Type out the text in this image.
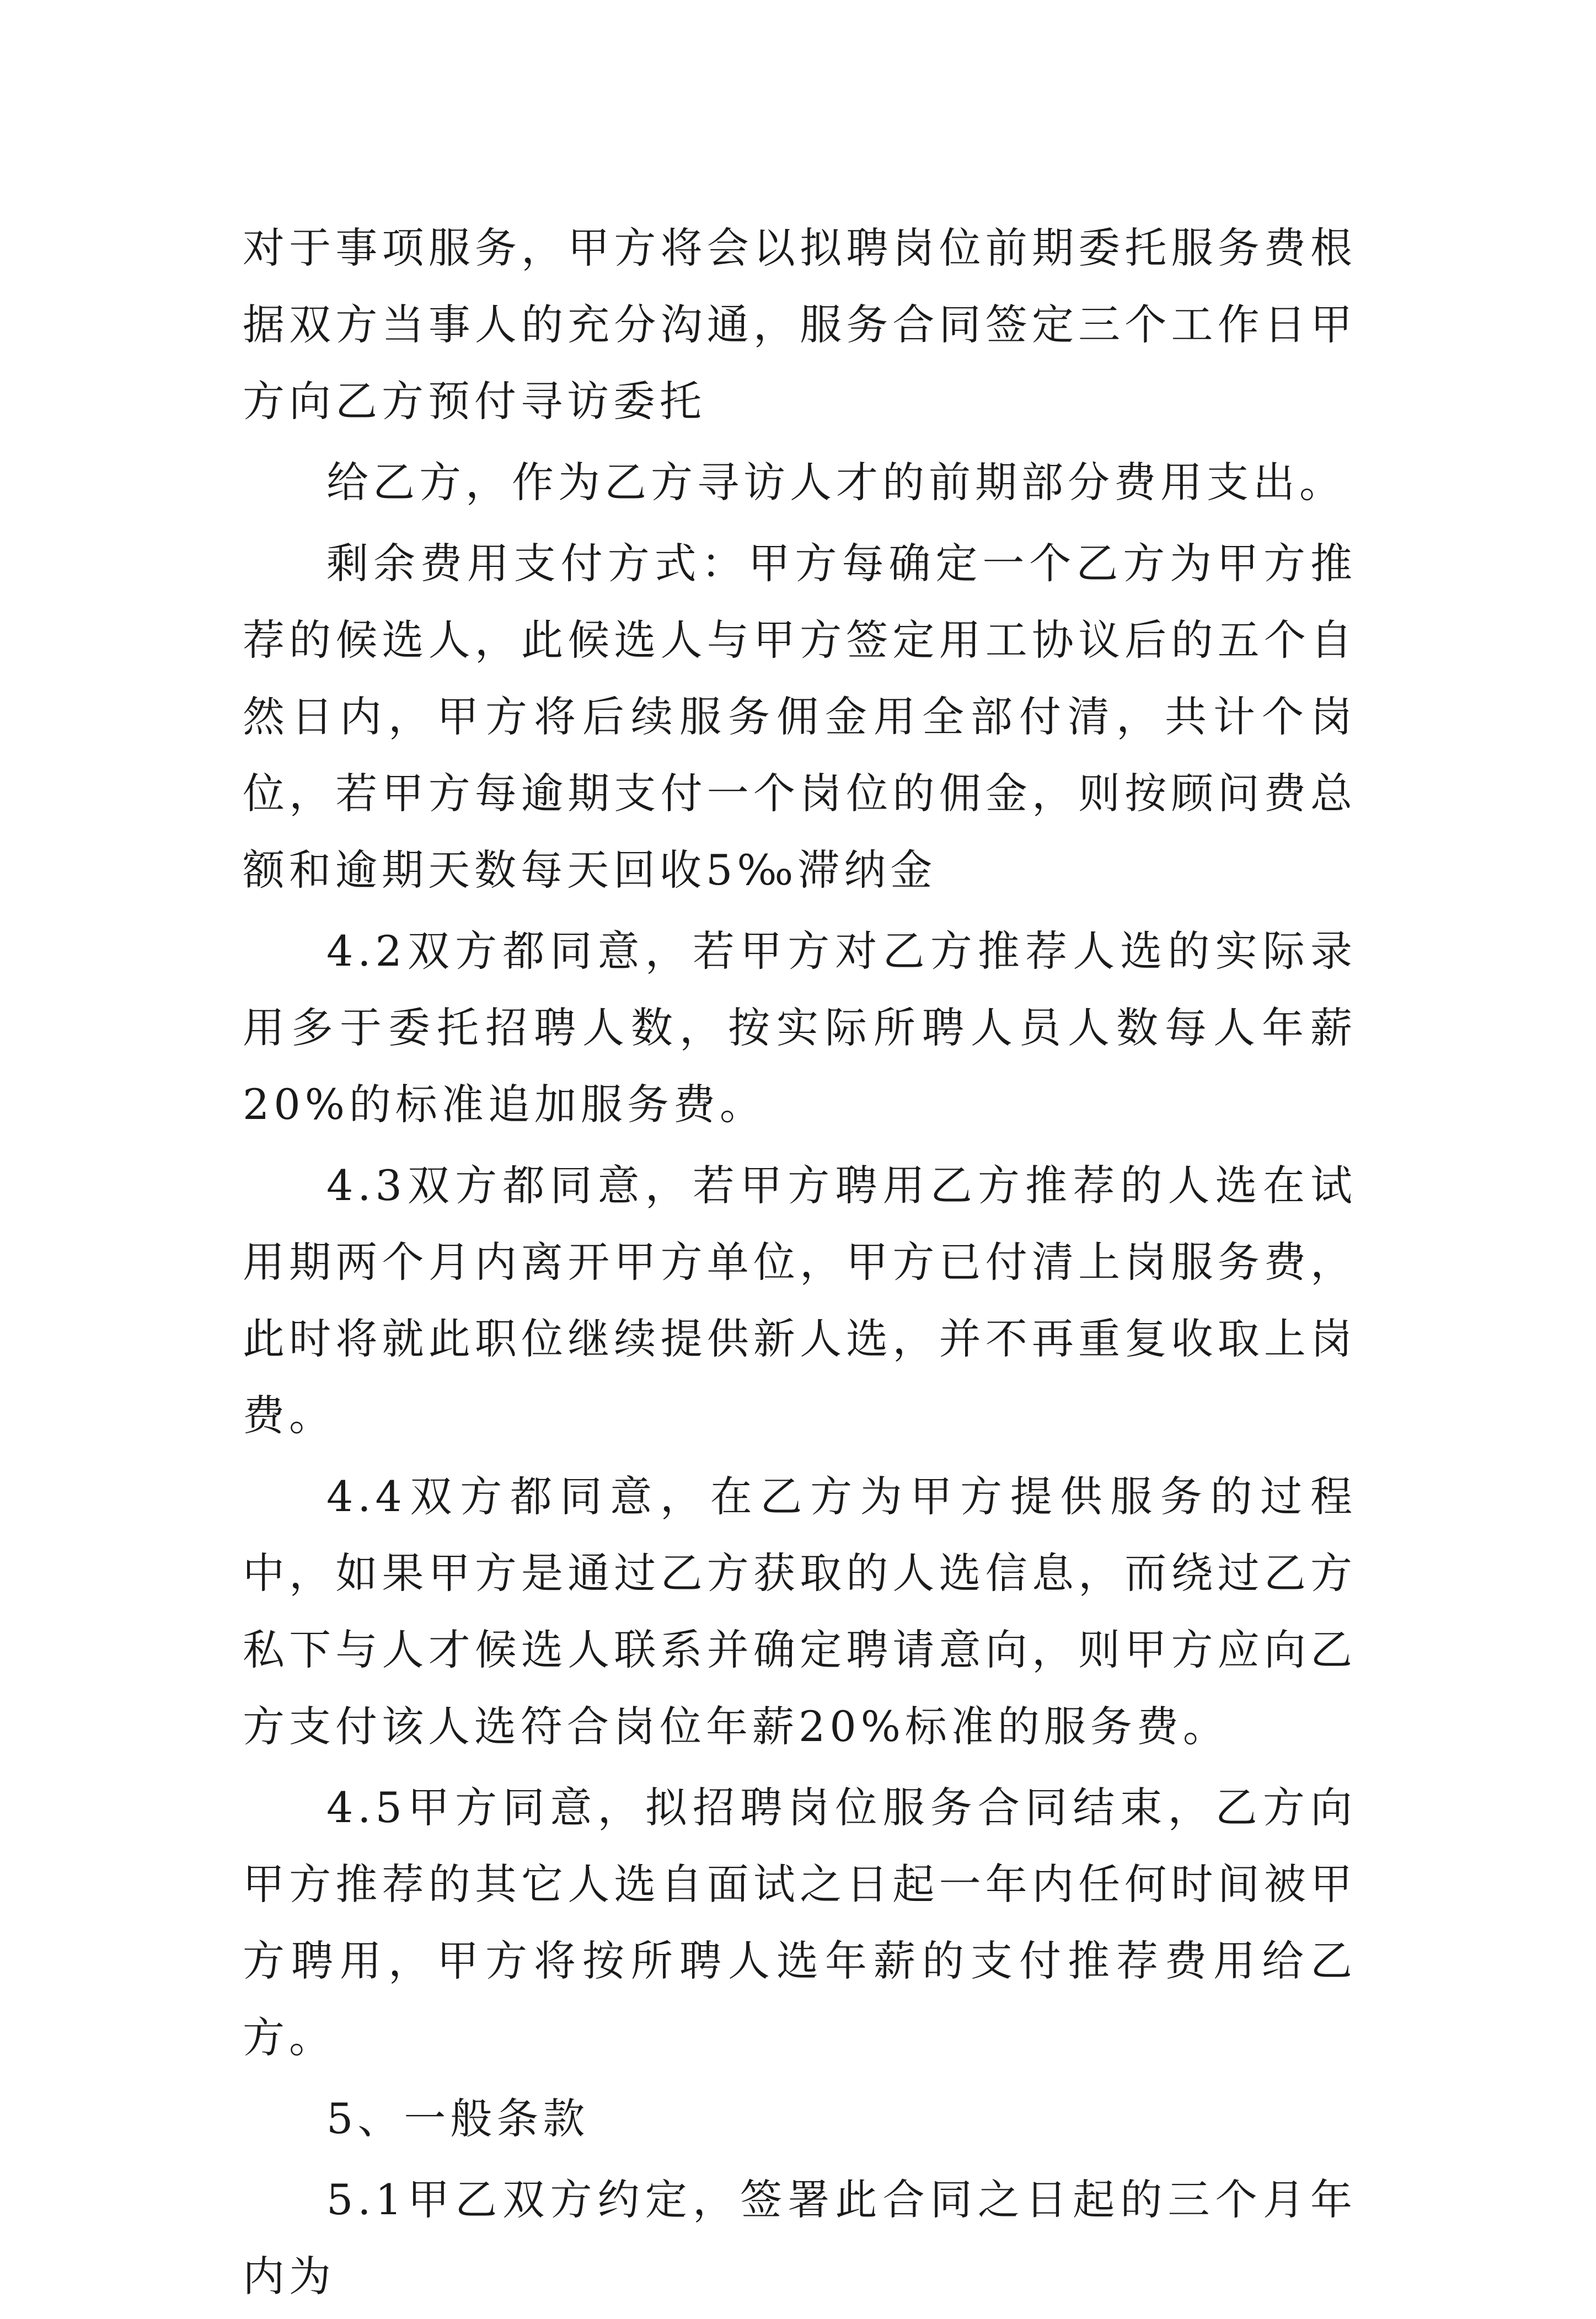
对于事项服务，甲方将会以拟聘岗位前期委托服务费根据双方当事人的充分沟通，服务合同签定三个工作日甲方向乙方预付寻访委托

给乙方，作为乙方寻访人才的前期部分费用支出。

剩余费用支付方式：甲方每确定一个乙方为甲方推荐的候选人，此候选人与甲方签定用工协议后的五个自然日内，甲方将后续服务佣金用全部付清，共计个岗位，若甲方每逾期支付一个岗位的佣金，则按顾问费总额和逾期天数每天回收5‰滞纳金

4.2双方都同意，若甲方对乙方推荐人选的实际录用多于委托招聘人数，按实际所聘人员人数每人年薪20%的标准追加服务费。

4.3双方都同意，若甲方聘用乙方推荐的人选在试用期两个月内离开甲方单位，甲方已付清上岗服务费，此时将就此职位继续提供新人选，并不再重复收取上岗费。

4.4双方都同意，在乙方为甲方提供服务的过程中，如果甲方是通过乙方获取的人选信息，而绕过乙方私下与人才候选人联系并确定聘请意向，则甲方应向乙方支付该人选符合岗位年薪20%标准的服务费。

4.5甲方同意，拟招聘岗位服务合同结束，乙方向甲方推荐的其它人选自面试之日起一年内任何时间被甲方聘用，甲方将按所聘人选年薪的支付推荐费用给乙方。

5、一般条款

5.1甲乙双方约定，签署此合同之日起的三个月年内为
